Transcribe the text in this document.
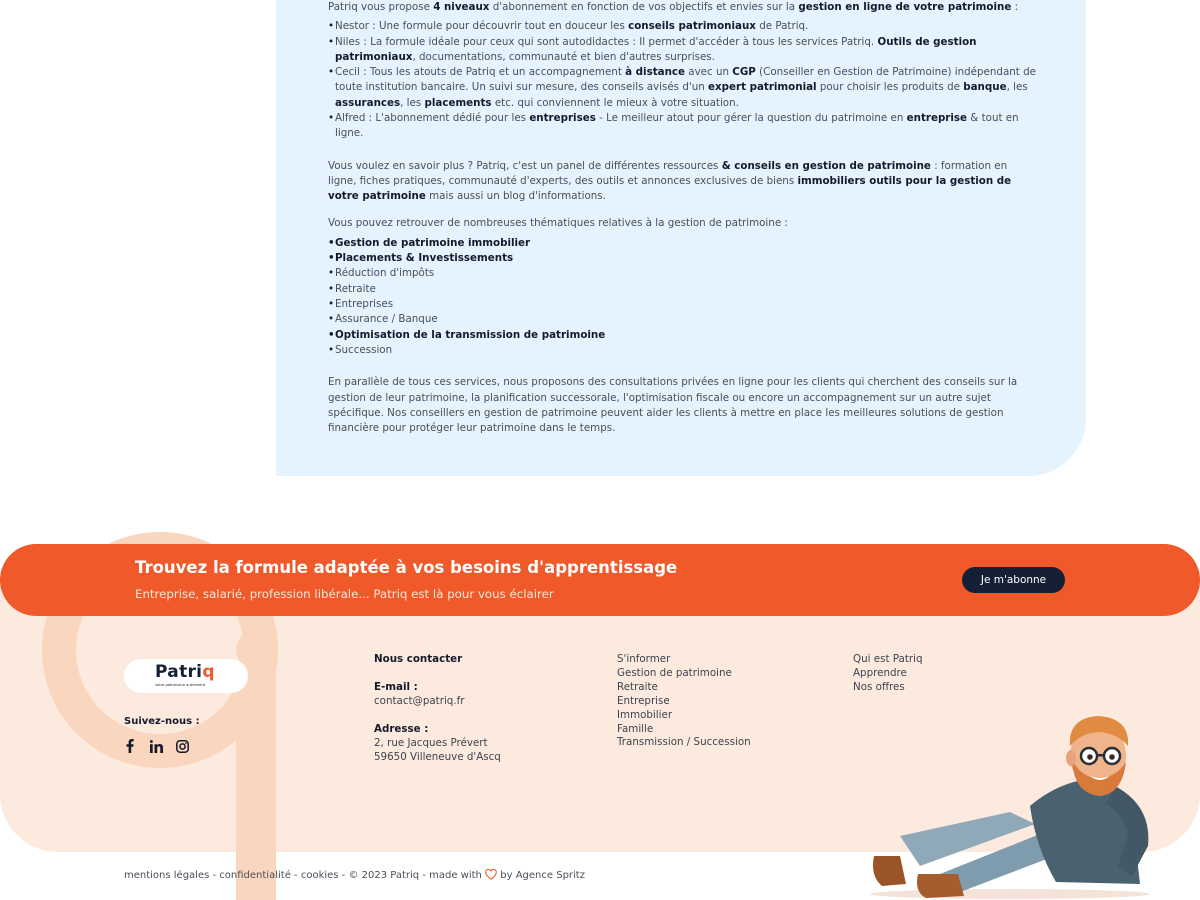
Patriq vous propose 4 niveaux d'abonnement en fonction de vos objectifs et envies sur la gestion en ligne de votre patrimoine :

• Nestor : Une formule pour découvrir tout en douceur les conseils patrimoniaux de Patriq.
• Niles : La formule idéale pour ceux qui sont autodidactes : Il permet d'accéder à tous les services Patriq. Outils de gestion patrimoniaux, documentations, communauté et bien d'autres surprises.
• Cecil : Tous les atouts de Patriq et un accompagnement à distance avec un CGP (Conseiller en Gestion de Patrimoine) indépendant de toute institution bancaire. Un suivi sur mesure, des conseils avisés d'un expert patrimonial pour choisir les produits de banque, les assurances, les placements etc. qui conviennent le mieux à votre situation.
• Alfred : L'abonnement dédié pour les entreprises - Le meilleur atout pour gérer la question du patrimoine en entreprise & tout en ligne.

Vous voulez en savoir plus ? Patriq, c'est un panel de différentes ressources & conseils en gestion de patrimoine : formation en ligne, fiches pratiques, communauté d'experts, des outils et annonces exclusives de biens immobiliers outils pour la gestion de votre patrimoine mais aussi un blog d'informations.

Vous pouvez retrouver de nombreuses thématiques relatives à la gestion de patrimoine :

• Gestion de patrimoine immobilier
• Placements & Investissements
• Réduction d'impôts
• Retraite
• Entreprises
• Assurance / Banque
• Optimisation de la transmission de patrimoine
• Succession

En parallèle de tous ces services, nous proposons des consultations privées en ligne pour les clients qui cherchent des conseils sur la gestion de leur patrimoine, la planification successorale, l'optimisation fiscale ou encore un accompagnement sur un autre sujet spécifique. Nos conseillers en gestion de patrimoine peuvent aider les clients à mettre en place les meilleures solutions de gestion financière pour protéger leur patrimoine dans le temps.

Trouvez la formule adaptée à vos besoins d'apprentissage
Entreprise, salarié, profession libérale... Patriq est là pour vous éclairer
Je m'abonne
Patriq
votre patrimoine autrement
Suivez-nous :
Nous contacter
E-mail :
contact@patriq.fr
Adresse :
2, rue Jacques Prévert
59650 Villeneuve d'Ascq
S'informer
Gestion de patrimoine
Retraite
Entreprise
Immobilier
Famille
Transmission / Succession
Qui est Patriq
Apprendre
Nos offres
mentions légales - confidentialité - cookies - © 2023 Patriq - made with by Agence Spritz
